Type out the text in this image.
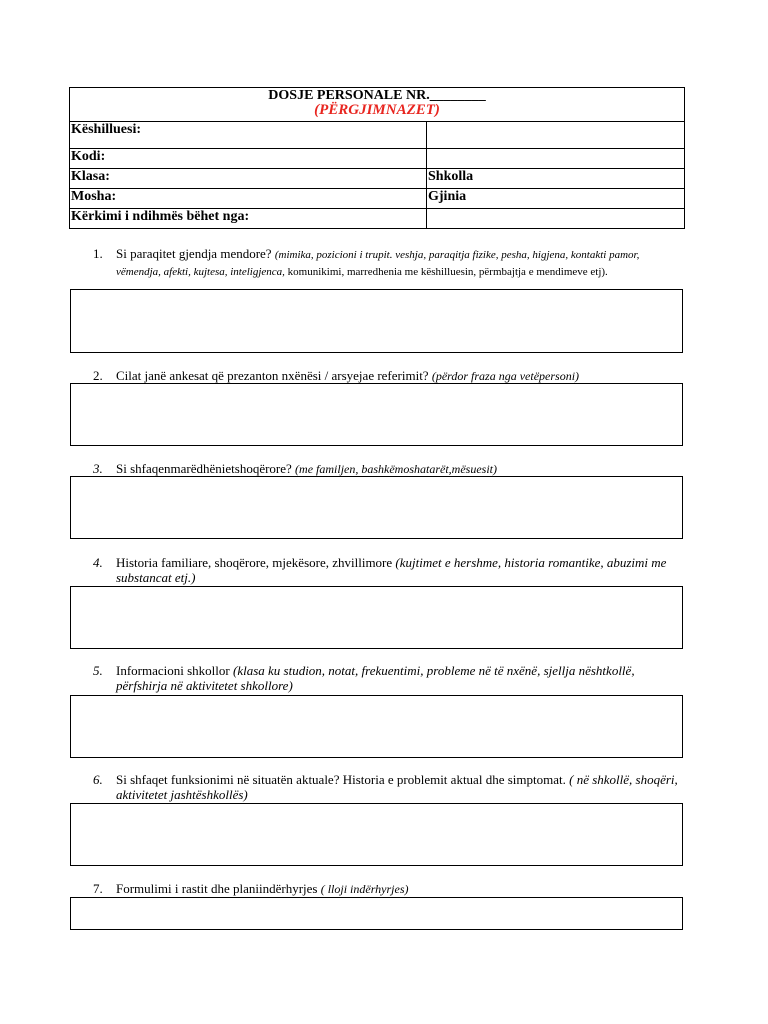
DOSJE PERSONALE NR.________
(PËRGJIMNAZET)	

Këshilluesi:	
Kodi:	
Klasa:	Shkolla
Mosha:	Gjinia
Kërkimi i ndihmës bëhet nga:	
1. Si paraqitet gjendja mendore? (mimika, pozicioni i trupit. veshja, paraqitja fizike, pesha, higjena, kontakti pamor, vëmendja, afekti, kujtesa, inteligjenca, komunikimi, marredhenia me këshilluesin, përmbajtja e mendimeve etj).
2. Cilat janë ankesat që prezanton nxënësi / arsyejae referimit? (përdor fraza nga vetëpersoni)
3. Si shfaqenmarëdhënietshoqërore? (me familjen, bashkëmoshatarët,mësuesit)
4. Historia familiare, shoqërore, mjekësore, zhvillimore (kujtimet e hershme, historia romantike, abuzimi me substancat etj.)
5. Informacioni shkollor (klasa ku studion, notat, frekuentimi, probleme në të nxënë, sjellja nështkollë, përfshirja në aktivitetet shkollore)
6. Si shfaqet funksionimi në situatën aktuale? Historia e problemit aktual dhe simptomat. ( në shkollë, shoqëri, aktivitetet jashtëshkollës)
7. Formulimi i rastit dhe planiindërhyrjes ( lloji indërhyrjes)
